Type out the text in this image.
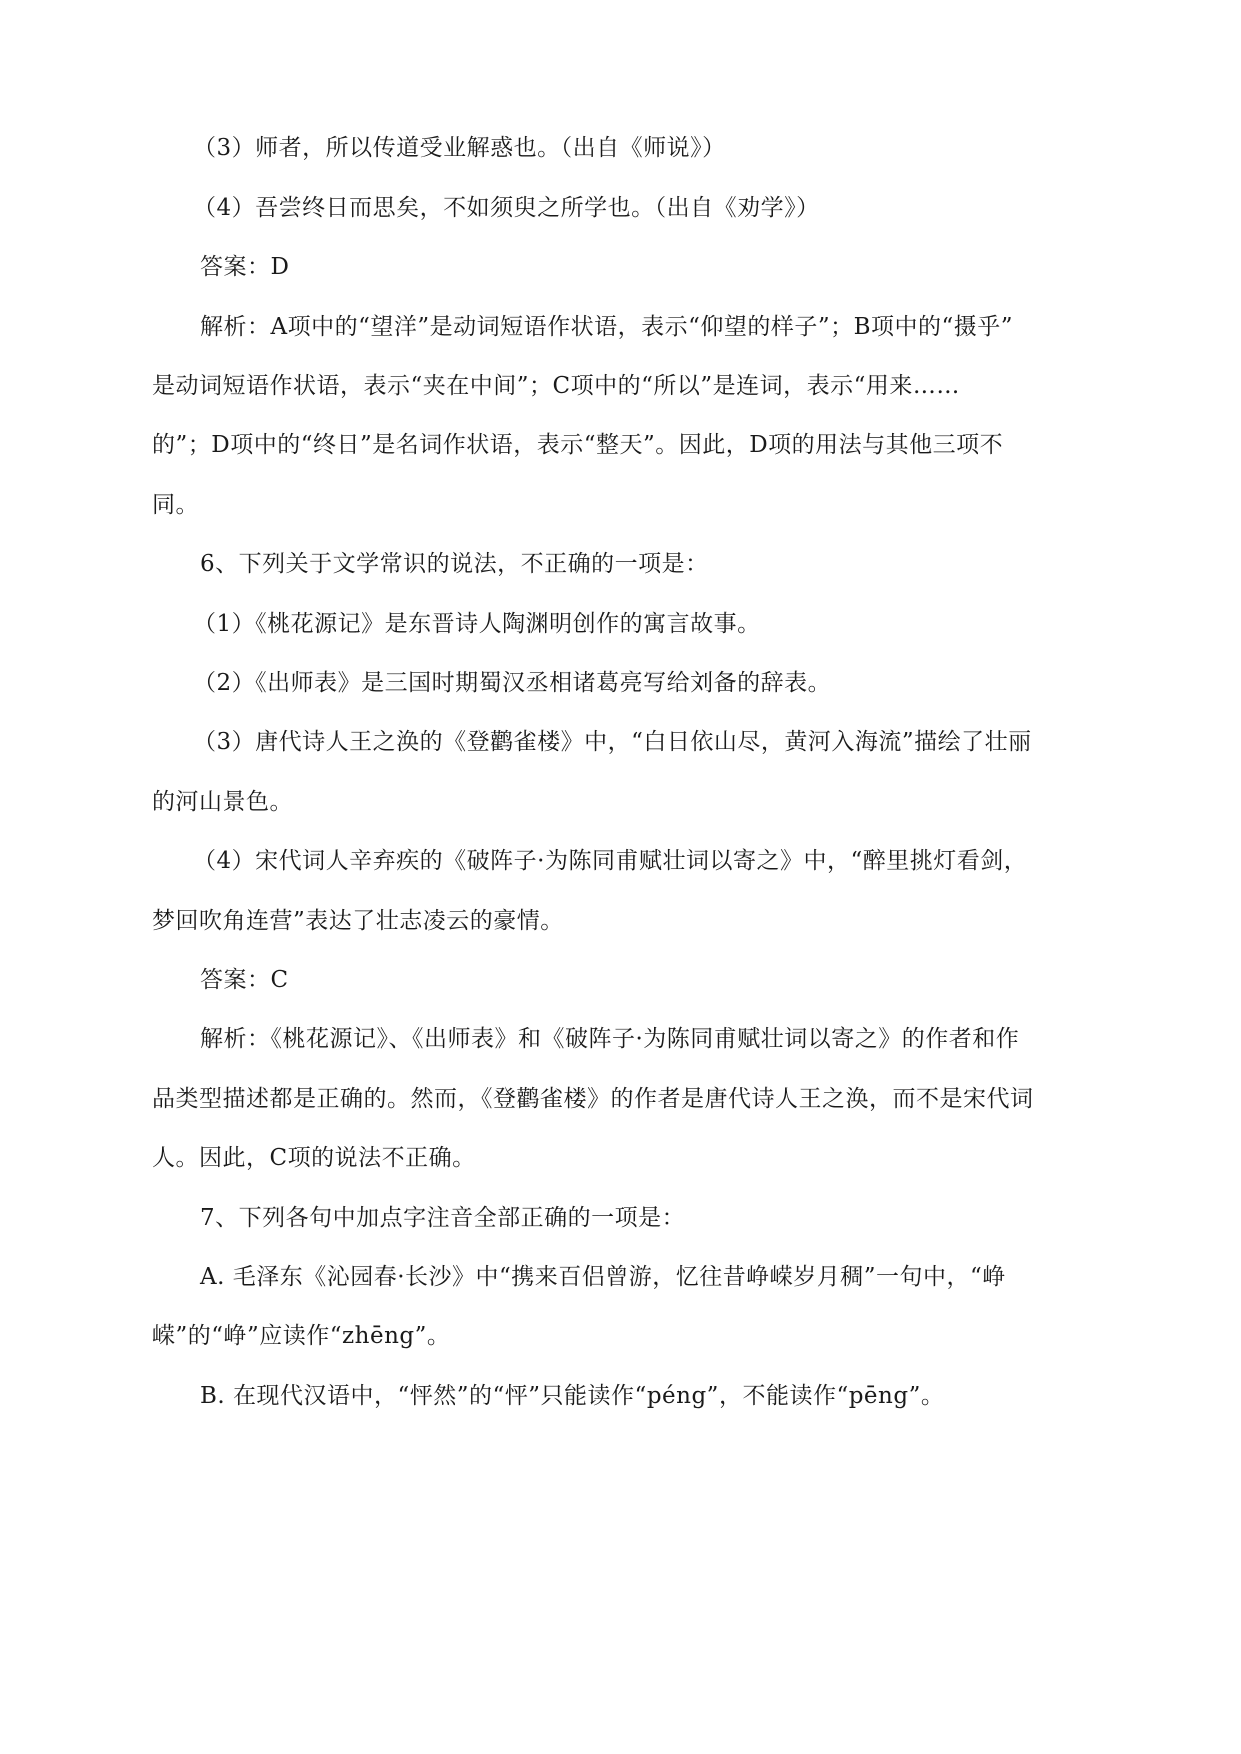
（3）师者，所以传道受业解惑也。（出自《师说》）
（4）吾尝终日而思矣，不如须臾之所学也。（出自《劝学》）
答案：D
解析：A项中的“望洋”是动词短语作状语，表示“仰望的样子”；B项中的“摄乎”
是动词短语作状语，表示“夹在中间”；C项中的“所以”是连词，表示“用来……
的”；D项中的“终日”是名词作状语，表示“整天”。因此，D项的用法与其他三项不
同。
6、下列关于文学常识的说法，不正确的一项是：
（1）《桃花源记》是东晋诗人陶渊明创作的寓言故事。
（2）《出师表》是三国时期蜀汉丞相诸葛亮写给刘备的辞表。
（3）唐代诗人王之涣的《登鹳雀楼》中，“白日依山尽，黄河入海流”描绘了壮丽
的河山景色。
（4）宋代词人辛弃疾的《破阵子·为陈同甫赋壮词以寄之》中，“醉里挑灯看剑，
梦回吹角连营”表达了壮志凌云的豪情。
答案：C
解析：《桃花源记》、《出师表》和《破阵子·为陈同甫赋壮词以寄之》的作者和作
品类型描述都是正确的。然而，《登鹳雀楼》的作者是唐代诗人王之涣，而不是宋代词
人。因此，C项的说法不正确。
7、下列各句中加点字注音全部正确的一项是：
A. 毛泽东《沁园春·长沙》中“携来百侣曾游，忆往昔峥嵘岁月稠”一句中，“峥
嵘”的“峥”应读作“zhēng”。
B. 在现代汉语中，“怦然”的“怦”只能读作“péng”，不能读作“pēng”。
